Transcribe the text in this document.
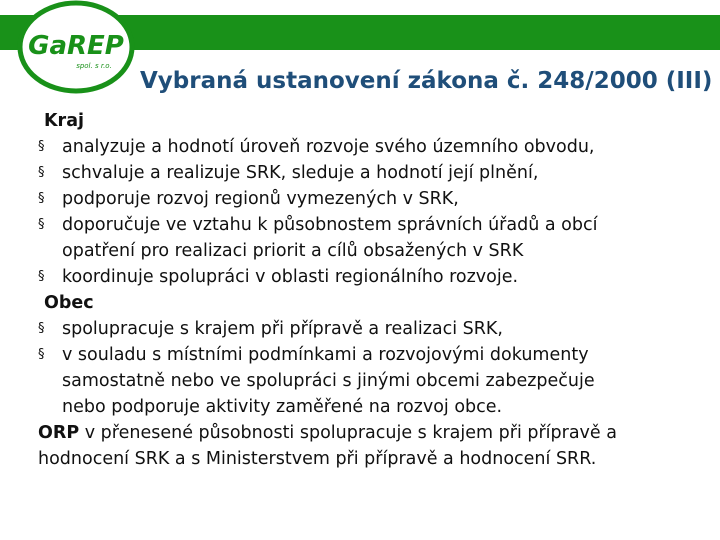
GaREP
spol. s r.o.
Vybraná ustanovení zákona č. 248/2000 (III)
Kraj
§ analyzuje a hodnotí úroveň rozvoje svého územního obvodu,
§ schvaluje a realizuje SRK, sleduje a hodnotí její plnění,
§ podporuje rozvoj regionů vymezených v SRK,
§ doporučuje ve vztahu k působnostem správních úřadů a obcí
opatření pro realizaci priorit a cílů obsažených v SRK
§ koordinuje spolupráci v oblasti regionálního rozvoje.
Obec
§ spolupracuje s krajem při přípravě a realizaci SRK,
§ v souladu s místními podmínkami a rozvojovými dokumenty
samostatně nebo ve spolupráci s jinými obcemi zabezpečuje
nebo podporuje aktivity zaměřené na rozvoj obce.
ORP v přenesené působnosti spolupracuje s krajem při přípravě a
hodnocení SRK a s Ministerstvem při přípravě a hodnocení SRR.
